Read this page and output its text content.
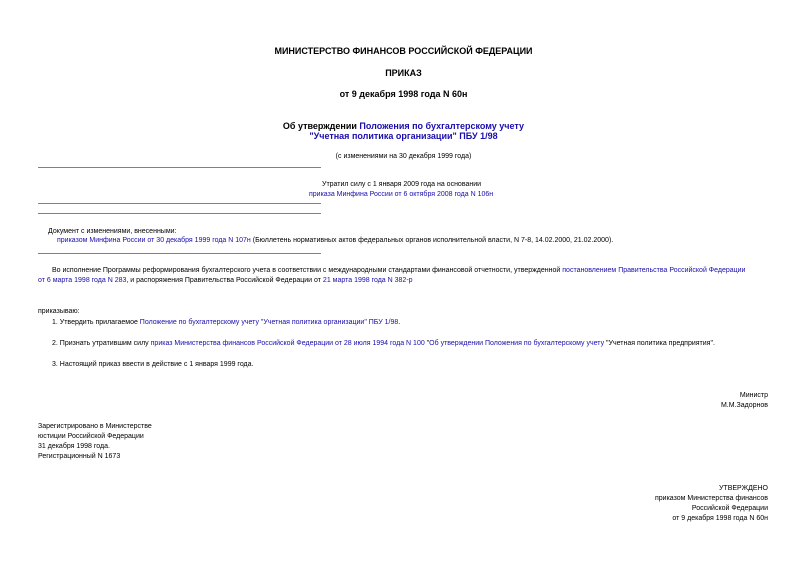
МИНИСТЕРСТВО ФИНАНСОВ РОССИЙСКОЙ ФЕДЕРАЦИИ
ПРИКАЗ
от 9 декабря 1998 года N 60н
Об утверждении Положения по бухгалтерскому учету
"Учетная политика организации" ПБУ 1/98
(с изменениями на 30 декабря 1999 года)
Утратил силу с 1 января 2009 года на основании
приказа Минфина России от 6 октября 2008 года N 106н
Документ с изменениями, внесенными:
приказом Минфина России от 30 декабря 1999 года N 107н (Бюллетень нормативных актов федеральных органов исполнительной власти, N 7-8, 14.02.2000, 21.02.2000).
Во исполнение Программы реформирования бухгалтерского учета в соответствии с международными стандартами финансовой отчетности, утвержденной постановлением Правительства Российской Федерации
от 6 марта 1998 года N 283, и распоряжения Правительства Российской Федерации от 21 марта 1998 года N 382-р
приказываю:
1. Утвердить прилагаемое Положение по бухгалтерскому учету "Учетная политика организации" ПБУ 1/98.
2. Признать утратившим силу приказ Министерства финансов Российской Федерации от 28 июля 1994 года N 100 "Об утверждении Положения по бухгалтерскому учету "Учетная политика предприятия".
3. Настоящий приказ ввести в действие с 1 января 1999 года.
Министр
М.М.Задорнов
Зарегистрировано в Министерстве
юстиции Российской Федерации
31 декабря 1998 года.
Регистрационный N 1673
УТВЕРЖДЕНО
приказом Министерства финансов
Российской Федерации
от 9 декабря 1998 года N 60н
